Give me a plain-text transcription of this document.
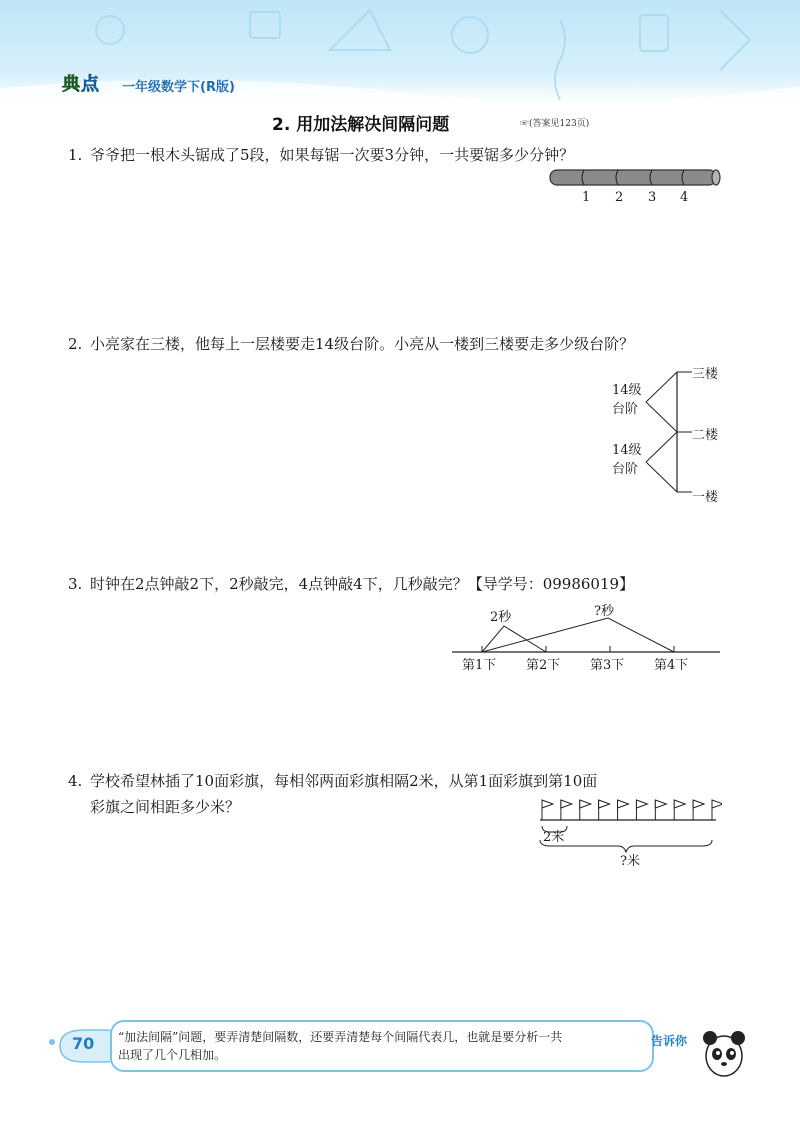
典点 一年级数学下(R版)
2. 用加法解决间隔问题	☞(答案见123页)
1. 爷爷把一根木头锯成了5段，如果每锯一次要3分钟，一共要锯多少分钟？
1 2 3 4
2. 小亮家在三楼，他每上一层楼要走14级台阶。小亮从一楼到三楼要走多少级台阶？
14级
台阶
14级
台阶
三楼
二楼
一楼
3. 时钟在2点钟敲2下，2秒敲完，4点钟敲4下，几秒敲完？【导学号：09986019】
2秒	?秒
第1下 第2下 第3下 第4下
4. 学校希望林插了10面彩旗，每相邻两面彩旗相隔2米，从第1面彩旗到第10面
彩旗之间相距多少米？
2米
?米
70 “加法间隔”问题，要弄清楚间隔数，还要弄清楚每个间隔代表几，也就是要分析一共
出现了几个几相加。
告诉你
